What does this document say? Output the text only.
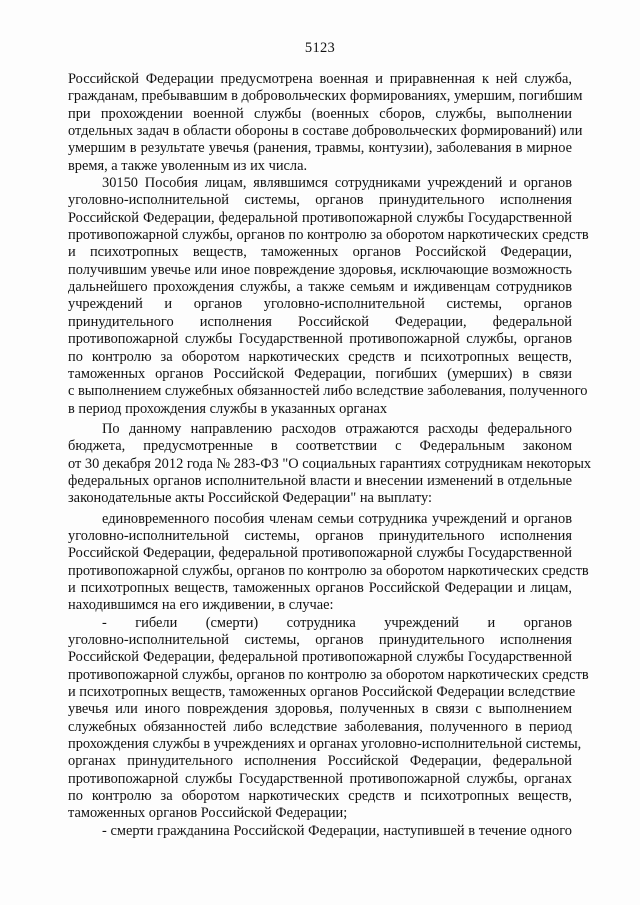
5123
Российской Федерации предусмотрена военная и приравненная к ней служба,
гражданам, пребывавшим в добровольческих формированиях, умершим, погибшим
при прохождении военной службы (военных сборов, службы, выполнении
отдельных задач в области обороны в составе добровольческих формирований) или
умершим в результате увечья (ранения, травмы, контузии), заболевания в мирное
время, а также уволенным из их числа.
30150 Пособия лицам, являвшимся сотрудниками учреждений и органов
уголовно-исполнительной системы, органов принудительного исполнения
Российской Федерации, федеральной противопожарной службы Государственной
противопожарной службы, органов по контролю за оборотом наркотических средств
и психотропных веществ, таможенных органов Российской Федерации,
получившим увечье или иное повреждение здоровья, исключающие возможность
дальнейшего прохождения службы, а также семьям и иждивенцам сотрудников
учреждений и органов уголовно-исполнительной системы, органов
принудительного исполнения Российской Федерации, федеральной
противопожарной службы Государственной противопожарной службы, органов
по контролю за оборотом наркотических средств и психотропных веществ,
таможенных органов Российской Федерации, погибших (умерших) в связи
с выполнением служебных обязанностей либо вследствие заболевания, полученного
в период прохождения службы в указанных органах
По данному направлению расходов отражаются расходы федерального
бюджета, предусмотренные в соответствии с Федеральным законом
от 30 декабря 2012 года № 283-ФЗ "О социальных гарантиях сотрудникам некоторых
федеральных органов исполнительной власти и внесении изменений в отдельные
законодательные акты Российской Федерации" на выплату:
единовременного пособия членам семьи сотрудника учреждений и органов
уголовно-исполнительной системы, органов принудительного исполнения
Российской Федерации, федеральной противопожарной службы Государственной
противопожарной службы, органов по контролю за оборотом наркотических средств
и психотропных веществ, таможенных органов Российской Федерации и лицам,
находившимся на его иждивении, в случае:
- гибели (смерти) сотрудника учреждений и органов
уголовно-исполнительной системы, органов принудительного исполнения
Российской Федерации, федеральной противопожарной службы Государственной
противопожарной службы, органов по контролю за оборотом наркотических средств
и психотропных веществ, таможенных органов Российской Федерации вследствие
увечья или иного повреждения здоровья, полученных в связи с выполнением
служебных обязанностей либо вследствие заболевания, полученного в период
прохождения службы в учреждениях и органах уголовно-исполнительной системы,
органах принудительного исполнения Российской Федерации, федеральной
противопожарной службы Государственной противопожарной службы, органах
по контролю за оборотом наркотических средств и психотропных веществ,
таможенных органов Российской Федерации;
- смерти гражданина Российской Федерации, наступившей в течение одного
